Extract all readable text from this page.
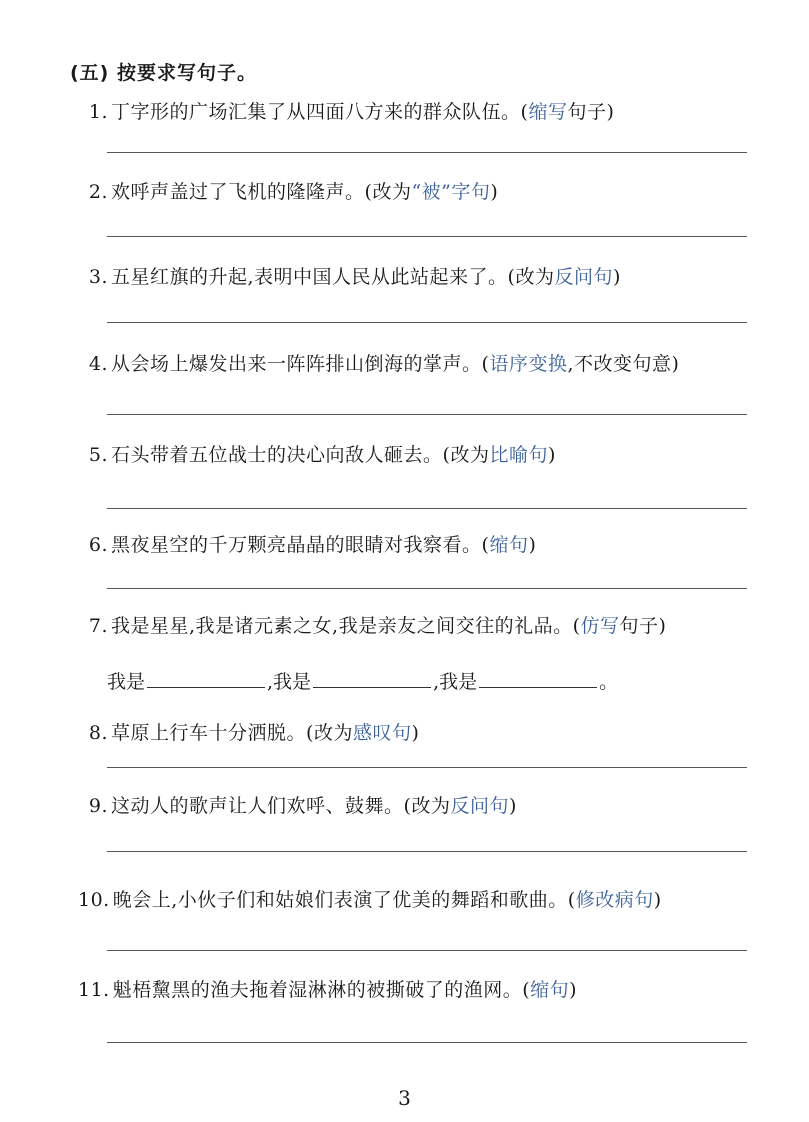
(五) 按要求写句子。
1. 丁字形的广场汇集了从四面八方来的群众队伍。(缩写句子)
2. 欢呼声盖过了飞机的隆隆声。(改为“被”字句)
3. 五星红旗的升起,表明中国人民从此站起来了。(改为反问句)
4. 从会场上爆发出来一阵阵排山倒海的掌声。(语序变换,不改变句意)
5. 石头带着五位战士的决心向敌人砸去。(改为比喻句)
6. 黑夜星空的千万颗亮晶晶的眼睛对我察看。(缩句)
7. 我是星星,我是诸元素之女,我是亲友之间交往的礼品。(仿写句子)
我是	,我是	,我是	。
8. 草原上行车十分洒脱。(改为感叹句)
9. 这动人的歌声让人们欢呼、鼓舞。(改为反问句)
10. 晚会上,小伙子们和姑娘们表演了优美的舞蹈和歌曲。(修改病句)
11. 魁梧黧黑的渔夫拖着湿淋淋的被撕破了的渔网。(缩句)
3
